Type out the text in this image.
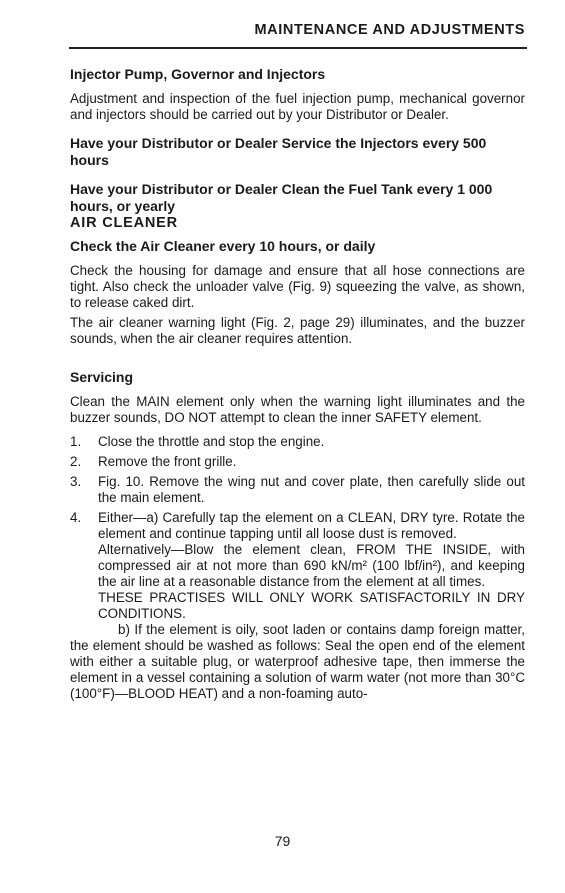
MAINTENANCE AND ADJUSTMENTS

Injector Pump, Governor and Injectors

Adjustment and inspection of the fuel injection pump, mechanical governor and injectors should be carried out by your Distributor or Dealer.

Have your Distributor or Dealer Service the Injectors every 500 hours

Have your Distributor or Dealer Clean the Fuel Tank every 1 000 hours, or yearly

AIR CLEANER

Check the Air Cleaner every 10 hours, or daily

Check the housing for damage and ensure that all hose connections are tight. Also check the unloader valve (Fig. 9) squeezing the valve, as shown, to release caked dirt.

The air cleaner warning light (Fig. 2, page 29) illuminates, and the buzzer sounds, when the air cleaner requires attention.

Servicing

Clean the MAIN element only when the warning light illuminates and the buzzer sounds, DO NOT attempt to clean the inner SAFETY element.

1. Close the throttle and stop the engine.

2. Remove the front grille.

3. Fig. 10. Remove the wing nut and cover plate, then carefully slide out the main element.

4. Either—a) Carefully tap the element on a CLEAN, DRY tyre. Rotate the element and continue tapping until all loose dust is removed.

Alternatively—Blow the element clean, FROM THE INSIDE, with compressed air at not more than 690 kN/m² (100 lbf/in²), and keeping the air line at a reasonable distance from the element at all times.

THESE PRACTISES WILL ONLY WORK SATISFACTORILY IN DRY CONDITIONS.

b) If the element is oily, soot laden or contains damp foreign matter, the element should be washed as follows: Seal the open end of the element with either a suitable plug, or waterproof adhesive tape, then immerse the element in a vessel containing a solution of warm water (not more than 30°C (100°F)—BLOOD HEAT) and a non-foaming auto-

79
